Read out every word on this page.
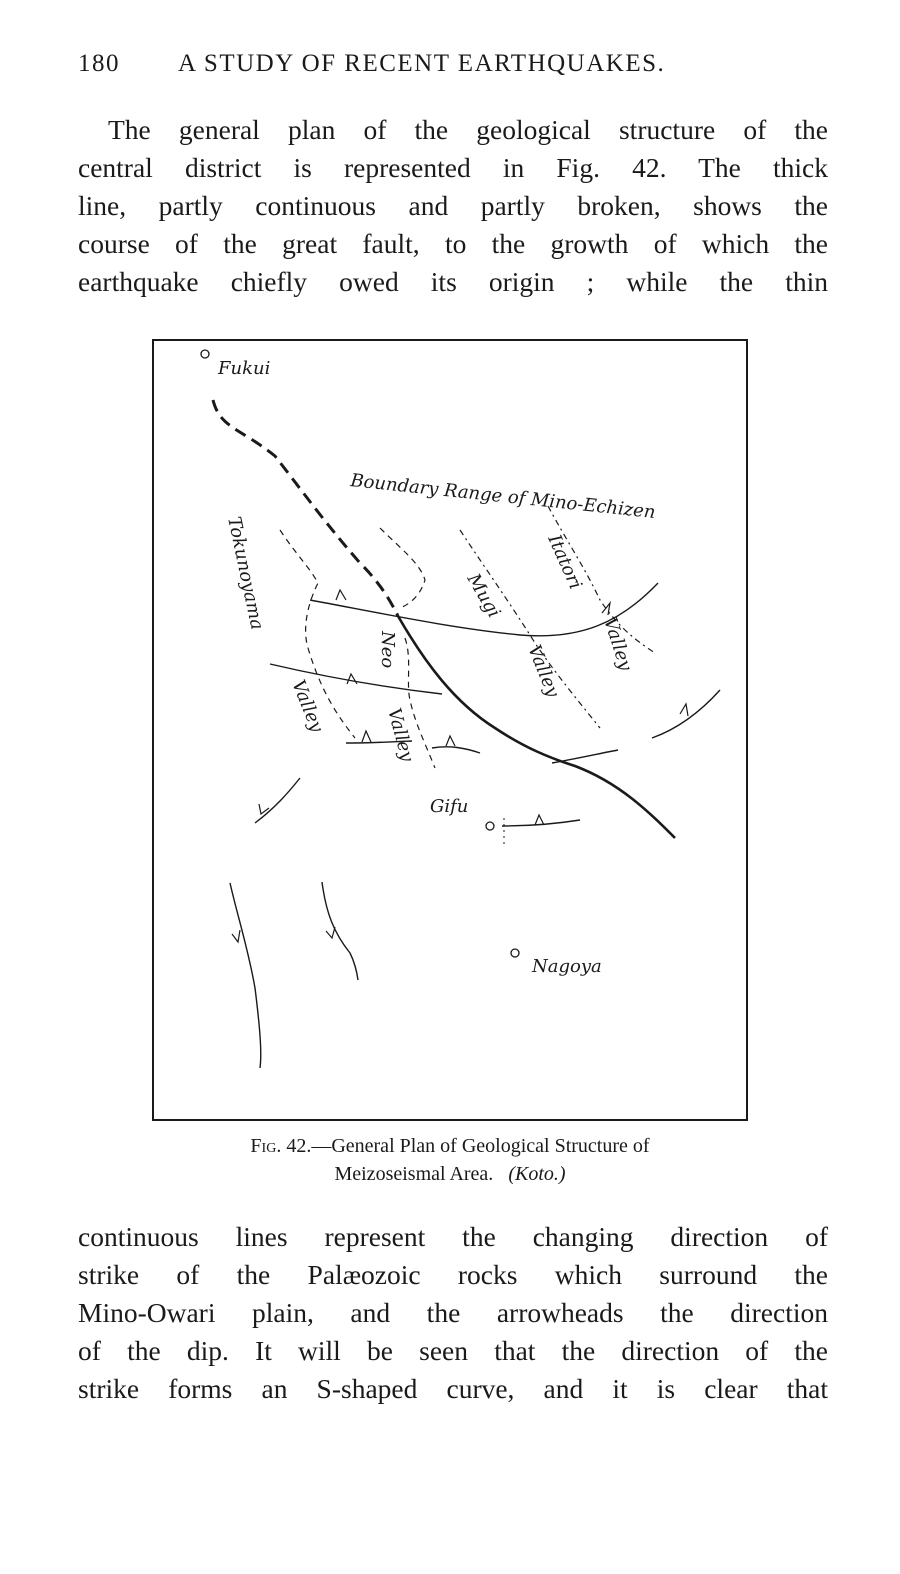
180 A STUDY OF RECENT EARTHQUAKES.

The general plan of the geological structure of the
central district is represented in Fig. 42. The thick
line, partly continuous and partly broken, shows the
course of the great fault, to the growth of which the
earthquake chiefly owed its origin ; while the thin

Fukui
Boundary Range of Mino-Echizen
Tokunoyama
Valley
Neo
Valley
Mugi
Valley
Itatori
Valley
Gifu
Nagoya

Fig. 42.—General Plan of Geological Structure of

Meizoseismal Area. (Koto.)

continuous lines represent the changing direction of
strike of the Palæozoic rocks which surround the
Mino-Owari plain, and the arrowheads the direction
of the dip. It will be seen that the direction of the
strike forms an S-shaped curve, and it is clear that
